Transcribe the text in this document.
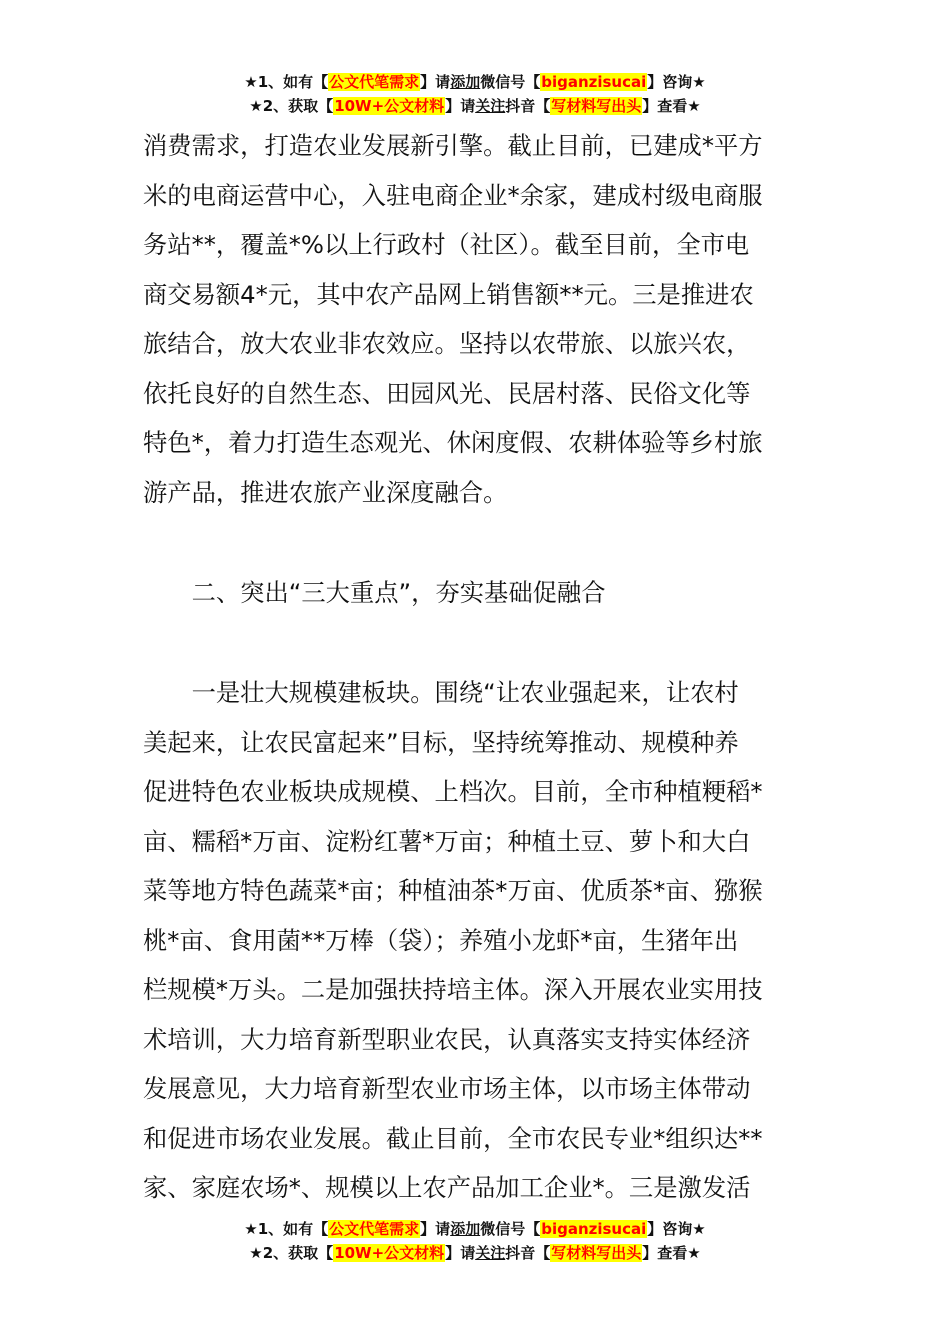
★1、如有【公文代笔需求】请添加微信号【biganzisucai】咨询★
★2、获取【10W+公文材料】请关注抖音【写材料写出头】查看★
消费需求，打造农业发展新引擎。截止目前，已建成*平方
米的电商运营中心，入驻电商企业*余家，建成村级电商服
务站**，覆盖*%以上行政村（社区）。截至目前，全市电
商交易额4*元，其中农产品网上销售额**元。三是推进农
旅结合，放大农业非农效应。坚持以农带旅、以旅兴农，
依托良好的自然生态、田园风光、民居村落、民俗文化等
特色*，着力打造生态观光、休闲度假、农耕体验等乡村旅
游产品，推进农旅产业深度融合。
二、突出“三大重点”，夯实基础促融合
一是壮大规模建板块。围绕“让农业强起来，让农村
美起来，让农民富起来”目标，坚持统筹推动、规模种养
促进特色农业板块成规模、上档次。目前，全市种植粳稻*
亩、糯稻*万亩、淀粉红薯*万亩；种植土豆、萝卜和大白
菜等地方特色蔬菜*亩；种植油茶*万亩、优质茶*亩、猕猴
桃*亩、食用菌**万棒（袋）；养殖小龙虾*亩，生猪年出
栏规模*万头。二是加强扶持培主体。深入开展农业实用技
术培训，大力培育新型职业农民，认真落实支持实体经济
发展意见，大力培育新型农业市场主体，以市场主体带动
和促进市场农业发展。截止目前，全市农民专业*组织达**
家、家庭农场*、规模以上农产品加工企业*。三是激发活
★1、如有【公文代笔需求】请添加微信号【biganzisucai】咨询★
★2、获取【10W+公文材料】请关注抖音【写材料写出头】查看★
